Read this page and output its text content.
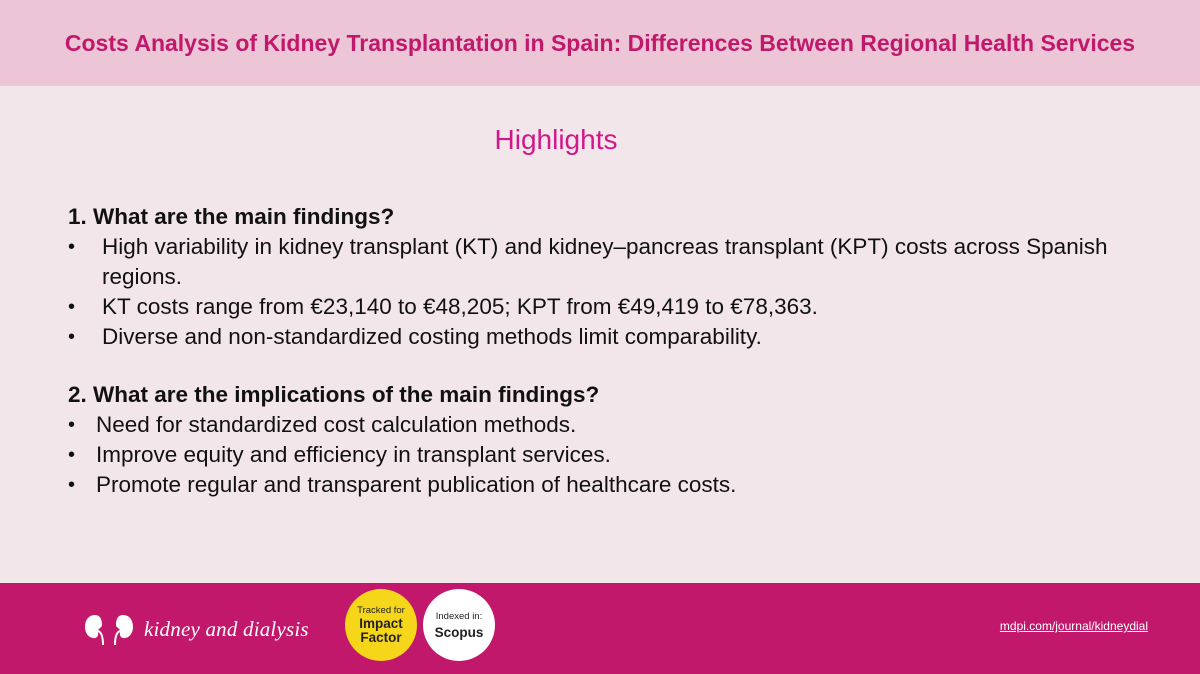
Costs Analysis of Kidney Transplantation in Spain: Differences Between Regional Health Services
Highlights
1. What are the main findings?
•	High variability in kidney transplant (KT) and kidney–pancreas transplant (KPT) costs across Spanish regions.
•	KT costs range from €23,140 to €48,205; KPT from €49,419 to €78,363.
•	Diverse and non-standardized costing methods limit comparability.
2. What are the implications of the main findings?
• Need for standardized cost calculation methods.
• Improve equity and efficiency in transplant services.
• Promote regular and transparent publication of healthcare costs.
kidney and dialysis
Tracked for
Impact
Factor
Indexed in:
Scopus	mdpi.com/journal/kidneydial
